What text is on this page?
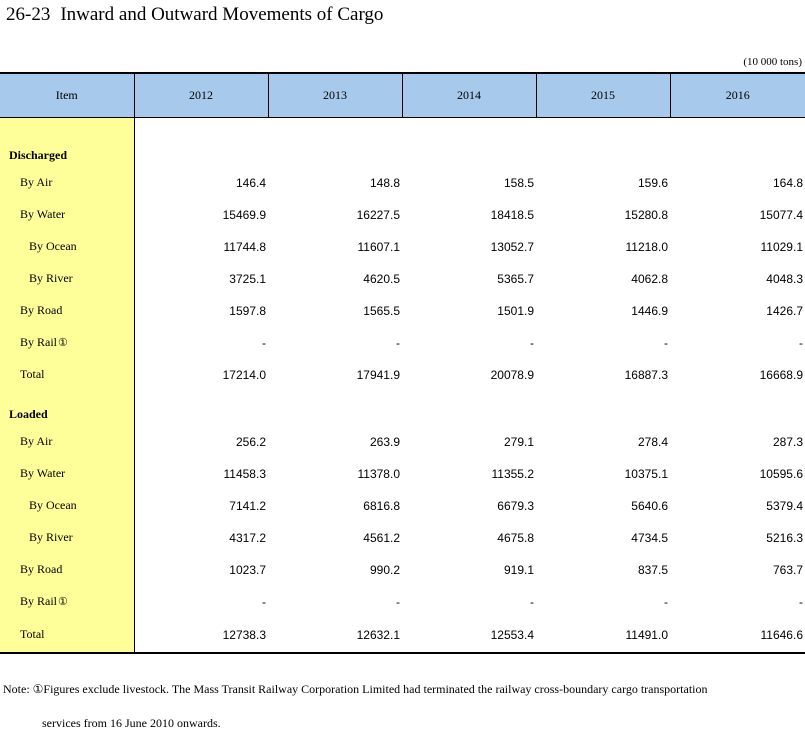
26-23 Inward and Outward Movements of Cargo
(10 000 tons)
Item	2012	2013	2014	2015	2016

Discharged					
By Air	146.4	148.8	158.5	159.6	164.8
By Water	15469.9	16227.5	18418.5	15280.8	15077.4
By Ocean	11744.8	11607.1	13052.7	11218.0	11029.1
By River	3725.1	4620.5	5365.7	4062.8	4048.3
By Road	1597.8	1565.5	1501.9	1446.9	1426.7
By Rail①	-	-	-	-	-
Total	17214.0	17941.9	20078.9	16887.3	16668.9
Loaded					
By Air	256.2	263.9	279.1	278.4	287.3
By Water	11458.3	11378.0	11355.2	10375.1	10595.6
By Ocean	7141.2	6816.8	6679.3	5640.6	5379.4
By River	4317.2	4561.2	4675.8	4734.5	5216.3
By Road	1023.7	990.2	919.1	837.5	763.7
By Rail①	-	-	-	-	-
Total	12738.3	12632.1	12553.4	11491.0	11646.6
Note: ①Figures exclude livestock. The Mass Transit Railway Corporation Limited had terminated the railway cross-boundary cargo transportation
services from 16 June 2010 onwards.
